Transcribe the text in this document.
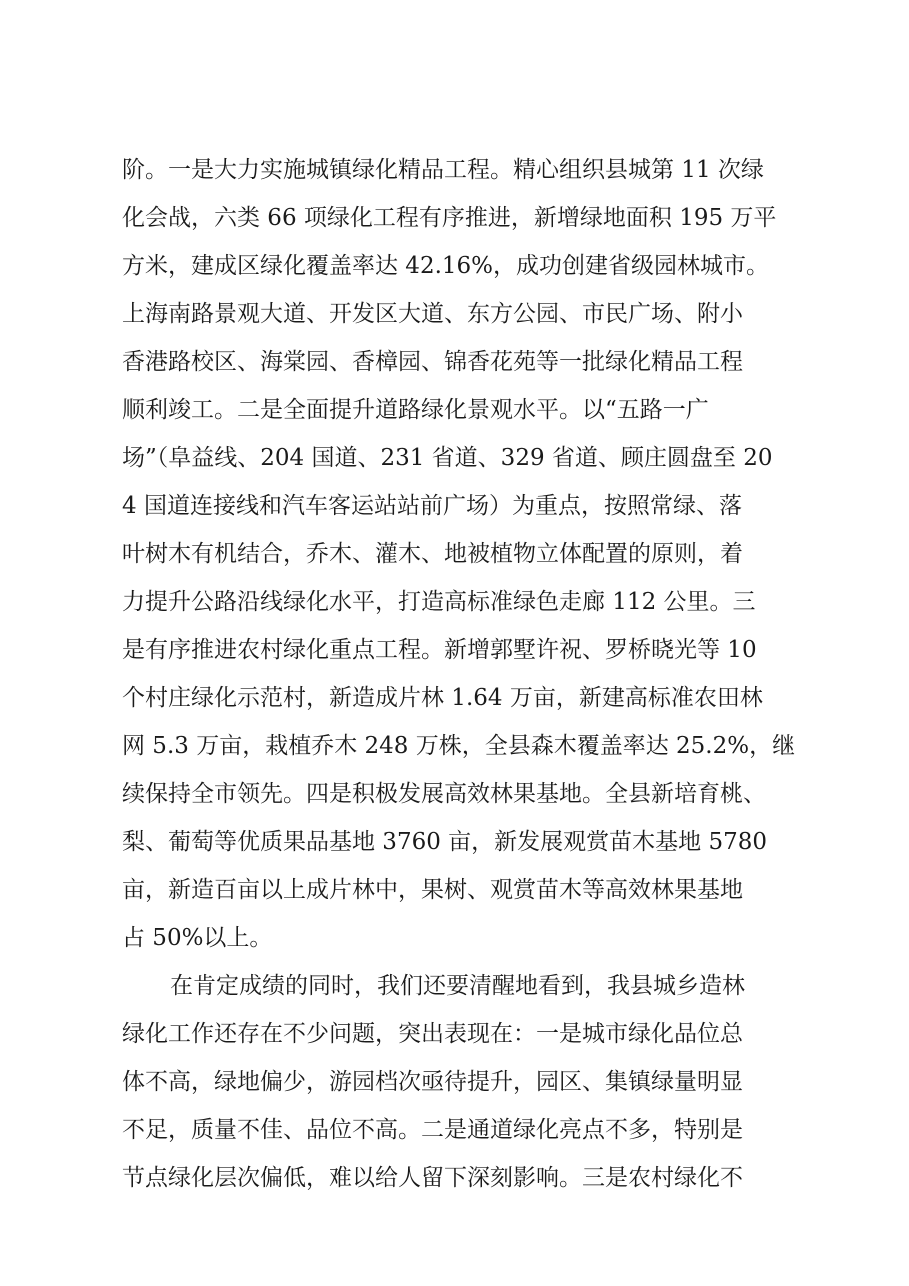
阶。一是大力实施城镇绿化精品工程。精心组织县城第 11 次绿
化会战，六类 66 项绿化工程有序推进，新增绿地面积 195 万平
方米，建成区绿化覆盖率达 42.16%，成功创建省级园林城市。
上海南路景观大道、开发区大道、东方公园、市民广场、附小
香港路校区、海棠园、香樟园、锦香花苑等一批绿化精品工程
顺利竣工。二是全面提升道路绿化景观水平。以“五路一广
场”（阜益线、204 国道、231 省道、329 省道、顾庄圆盘至 20
4 国道连接线和汽车客运站站前广场）为重点，按照常绿、落
叶树木有机结合，乔木、灌木、地被植物立体配置的原则，着
力提升公路沿线绿化水平，打造高标准绿色走廊 112 公里。三
是有序推进农村绿化重点工程。新增郭墅许祝、罗桥晓光等 10
个村庄绿化示范村，新造成片林 1.64 万亩，新建高标准农田林
网 5.3 万亩，栽植乔木 248 万株，全县森木覆盖率达 25.2%，继
续保持全市领先。四是积极发展高效林果基地。全县新培育桃、
梨、葡萄等优质果品基地 3760 亩，新发展观赏苗木基地 5780
亩，新造百亩以上成片林中，果树、观赏苗木等高效林果基地
占 50%以上。
在肯定成绩的同时，我们还要清醒地看到，我县城乡造林
绿化工作还存在不少问题，突出表现在：一是城市绿化品位总
体不高，绿地偏少，游园档次亟待提升，园区、集镇绿量明显
不足，质量不佳、品位不高。二是通道绿化亮点不多，特别是
节点绿化层次偏低，难以给人留下深刻影响。三是农村绿化不
